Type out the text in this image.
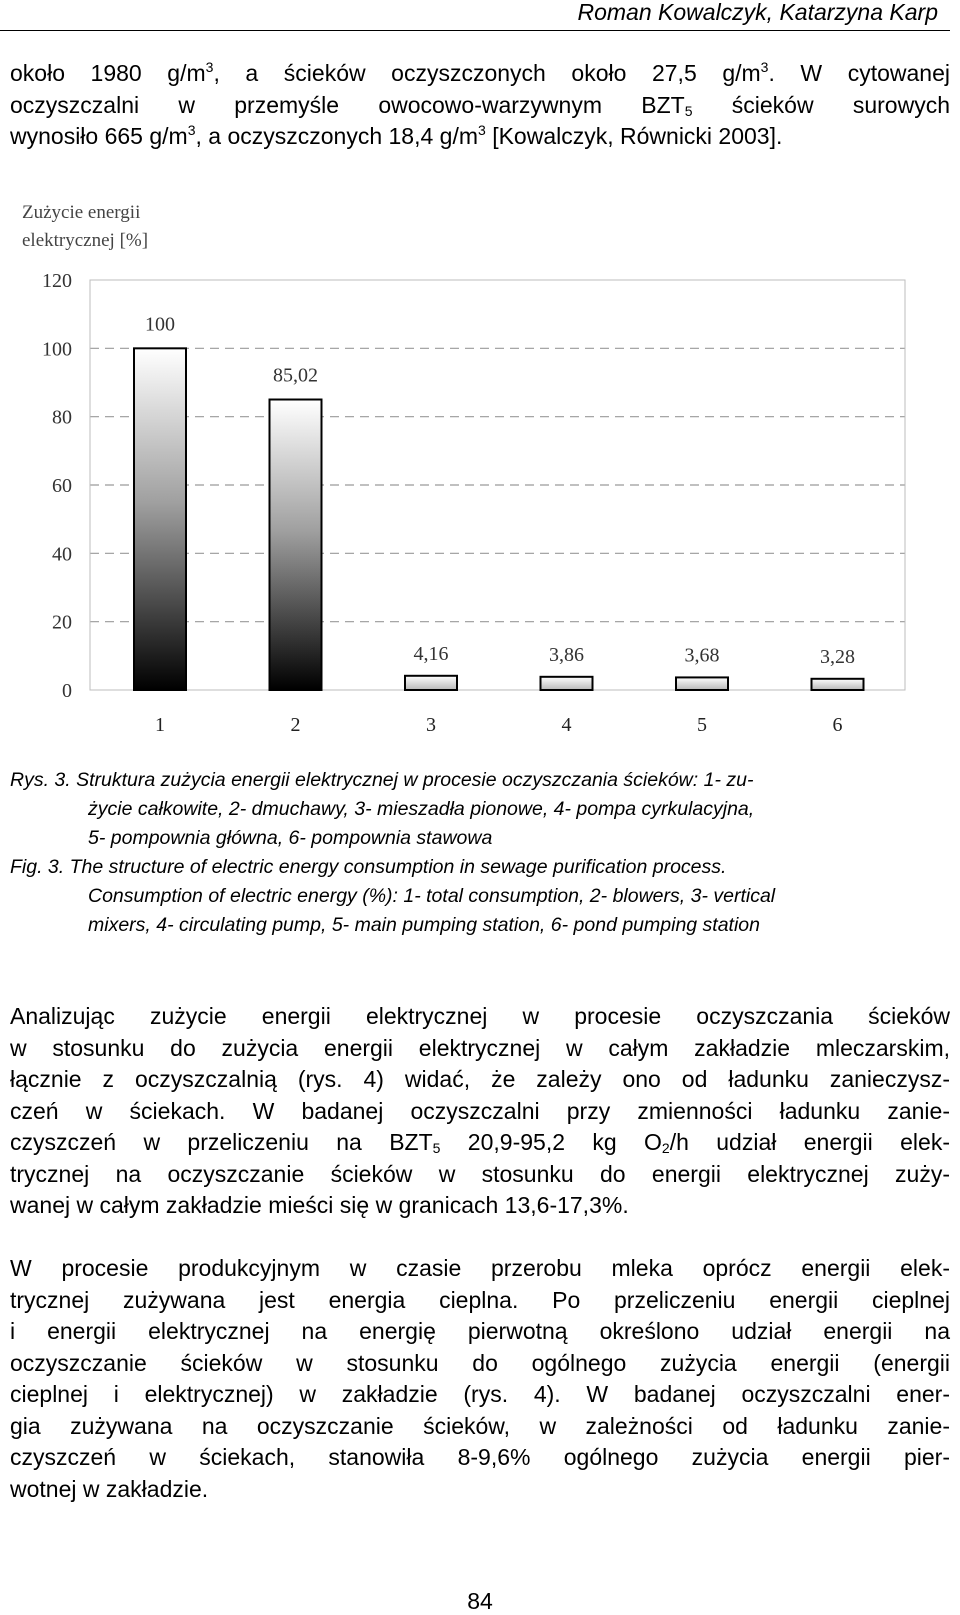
Roman Kowalczyk, Katarzyna Karp
około 1980 $g/m^3$, a ścieków oczyszczonych około 27,5 $g/m^3$. W cytowanej
oczyszczalni w przemyśle owocowo-warzywnym $BZT_5$ ścieków surowych
wynosiło 665 $g/m^3$, a oczyszczonych 18,4 $g/m^3$ [Kowalczyk, Równicki 2003].
Zużycie energii
elektrycznej [%]
0
20
40
60
80
100
120
100
85,02
4,16	3,86	3,68	3,28
1	2	3	4	5	6
Rys. 3. Struktura zużycia energii elektrycznej w procesie oczyszczania ścieków: 1- zu-
życie całkowite, 2- dmuchawy, 3- mieszadła pionowe, 4- pompa cyrkulacyjna,
5- pompownia główna, 6- pompownia stawowa
Fig. 3. The structure of electric energy consumption in sewage purification process.
Consumption of electric energy (%): 1- total consumption, 2- blowers, 3- vertical
mixers, 4- circulating pump, 5- main pumping station, 6- pond pumping station
Analizując zużycie energii elektrycznej w procesie oczyszczania ścieków
w stosunku do zużycia energii elektrycznej w całym zakładzie mleczarskim,
łącznie z oczyszczalnią (rys. 4) widać, że zależy ono od ładunku zanieczysz-
czeń w ściekach. W badanej oczyszczalni przy zmienności ładunku zanie-
czyszczeń w przeliczeniu na $BZT_5$ 20,9-95,2 kg $O_2/h$ udział energii elek-
trycznej na oczyszczanie ścieków w stosunku do energii elektrycznej zuży-
wanej w całym zakładzie mieści się w granicach 13,6-17,3%.
W procesie produkcyjnym w czasie przerobu mleka oprócz energii elek-
trycznej zużywana jest energia cieplna. Po przeliczeniu energii cieplnej
i energii elektrycznej na energię pierwotną określono udział energii na
oczyszczanie ścieków w stosunku do ogólnego zużycia energii (energii
cieplnej i elektrycznej) w zakładzie (rys. 4). W badanej oczyszczalni ener-
gia zużywana na oczyszczanie ścieków, w zależności od ładunku zanie-
czyszczeń w ściekach, stanowiła 8-9,6% ogólnego zużycia energii pier-
wotnej w zakładzie.
84
